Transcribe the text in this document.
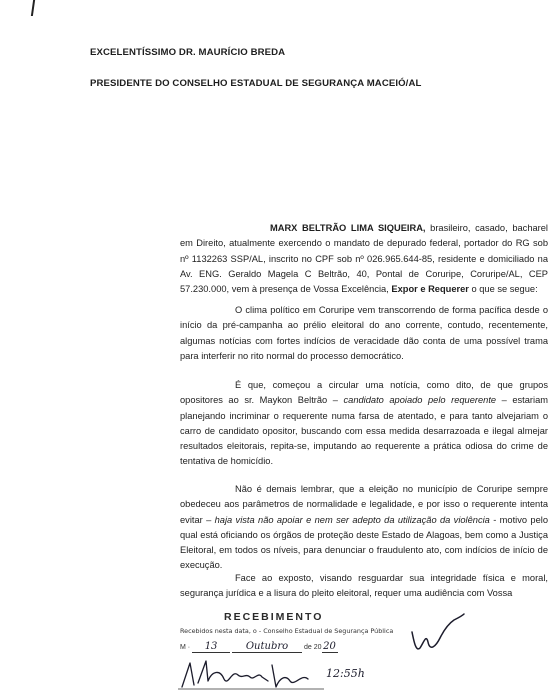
EXCELENTÍSSIMO DR. MAURÍCIO BREDA
PRESIDENTE DO CONSELHO ESTADUAL DE SEGURANÇA MACEIÓ/AL

MARX BELTRÃO LIMA SIQUEIRA, brasileiro, casado, bacharel em Direito, atualmente exercendo o mandato de depurado federal, portador do RG sob nº 1132263 SSP/AL, inscrito no CPF sob nº 026.965.644-85, residente e domiciliado na Av. ENG. Geraldo Magela C Beltrão, 40, Pontal de Coruripe, Coruripe/AL, CEP 57.230.000, vem à presença de Vossa Excelência, Expor e Requerer o que se segue:

O clima político em Coruripe vem transcorrendo de forma pacífica desde o início da pré-campanha ao prélio eleitoral do ano corrente, contudo, recentemente, algumas notícias com fortes indícios de veracidade dão conta de uma possível trama para interferir no rito normal do processo democrático.

É que, começou a circular uma notícia, como dito, de que grupos opositores ao sr. Maykon Beltrão – candidato apoiado pelo requerente – estariam planejando incriminar o requerente numa farsa de atentado, e para tanto alvejariam o carro de candidato opositor, buscando com essa medida desarrazoada e ilegal almejar resultados eleitorais, repita-se, imputando ao requerente a prática odiosa do crime de tentativa de homicídio.

Não é demais lembrar, que a eleição no município de Coruripe sempre obedeceu aos parâmetros de normalidade e legalidade, e por isso o requerente intenta evitar – haja vista não apoiar e nem ser adepto da utilização da violência - motivo pelo qual está oficiando os órgãos de proteção deste Estado de Alagoas, bem como a Justiça Eleitoral, em todos os níveis, para denunciar o fraudulento ato, com indícios de início de execução.

Face ao exposto, visando resguardar sua integridade física e moral, segurança jurídica e a lisura do pleito eleitoral, requer uma audiência com Vossa

RECEBIMENTO
Recebidos nesta data, o - Conselho Estadual de Segurança Pública
M · 13	Outubro de 20 20
12:55h
